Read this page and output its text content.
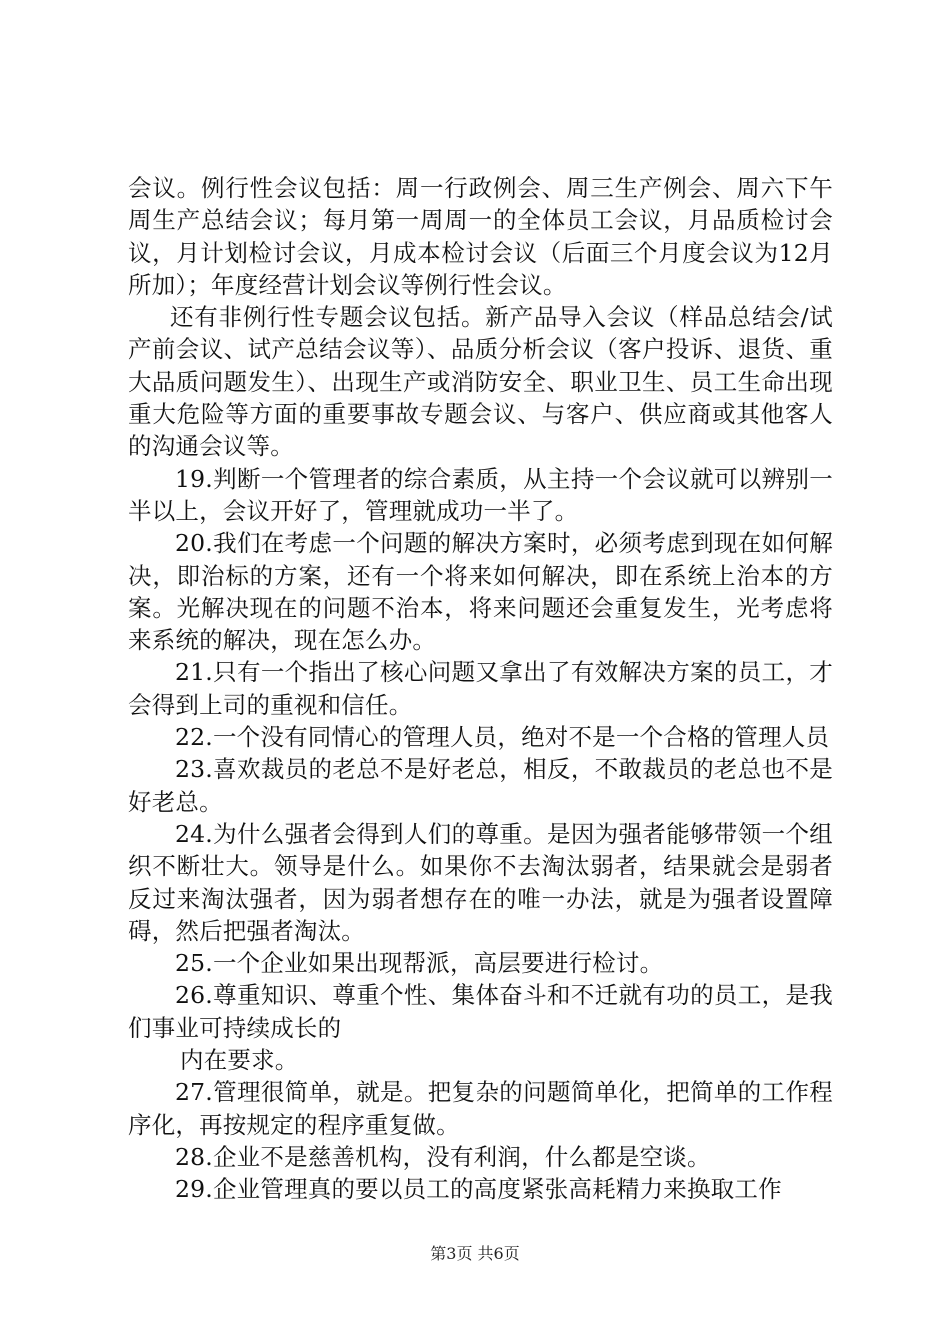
会议。例行性会议包括：周一行政例会、周三生产例会、周六下午周生产总结会议；每月第一周周一的全体员工会议，月品质检讨会议，月计划检讨会议，月成本检讨会议（后面三个月度会议为12月所加）；年度经营计划会议等例行性会议。

还有非例行性专题会议包括。新产品导入会议（样品总结会/试产前会议、试产总结会议等）、品质分析会议（客户投诉、退货、重大品质问题发生）、出现生产或消防安全、职业卫生、员工生命出现重大危险等方面的重要事故专题会议、与客户、供应商或其他客人的沟通会议等。

19.判断一个管理者的综合素质，从主持一个会议就可以辨别一半以上，会议开好了，管理就成功一半了。

20.我们在考虑一个问题的解决方案时，必须考虑到现在如何解决，即治标的方案，还有一个将来如何解决，即在系统上治本的方案。光解决现在的问题不治本，将来问题还会重复发生，光考虑将来系统的解决，现在怎么办。

21.只有一个指出了核心问题又拿出了有效解决方案的员工，才会得到上司的重视和信任。

22.一个没有同情心的管理人员，绝对不是一个合格的管理人员

23.喜欢裁员的老总不是好老总，相反，不敢裁员的老总也不是好老总。

24.为什么强者会得到人们的尊重。是因为强者能够带领一个组织不断壮大。领导是什么。如果你不去淘汰弱者，结果就会是弱者反过来淘汰强者，因为弱者想存在的唯一办法，就是为强者设置障碍，然后把强者淘汰。

25.一个企业如果出现帮派，高层要进行检讨。

26.尊重知识、尊重个性、集体奋斗和不迁就有功的员工，是我们事业可持续成长的

内在要求。

27.管理很简单，就是。把复杂的问题简单化，把简单的工作程序化，再按规定的程序重复做。

28.企业不是慈善机构，没有利润，什么都是空谈。

29.企业管理真的要以员工的高度紧张高耗精力来换取工作

第3页 共6页
